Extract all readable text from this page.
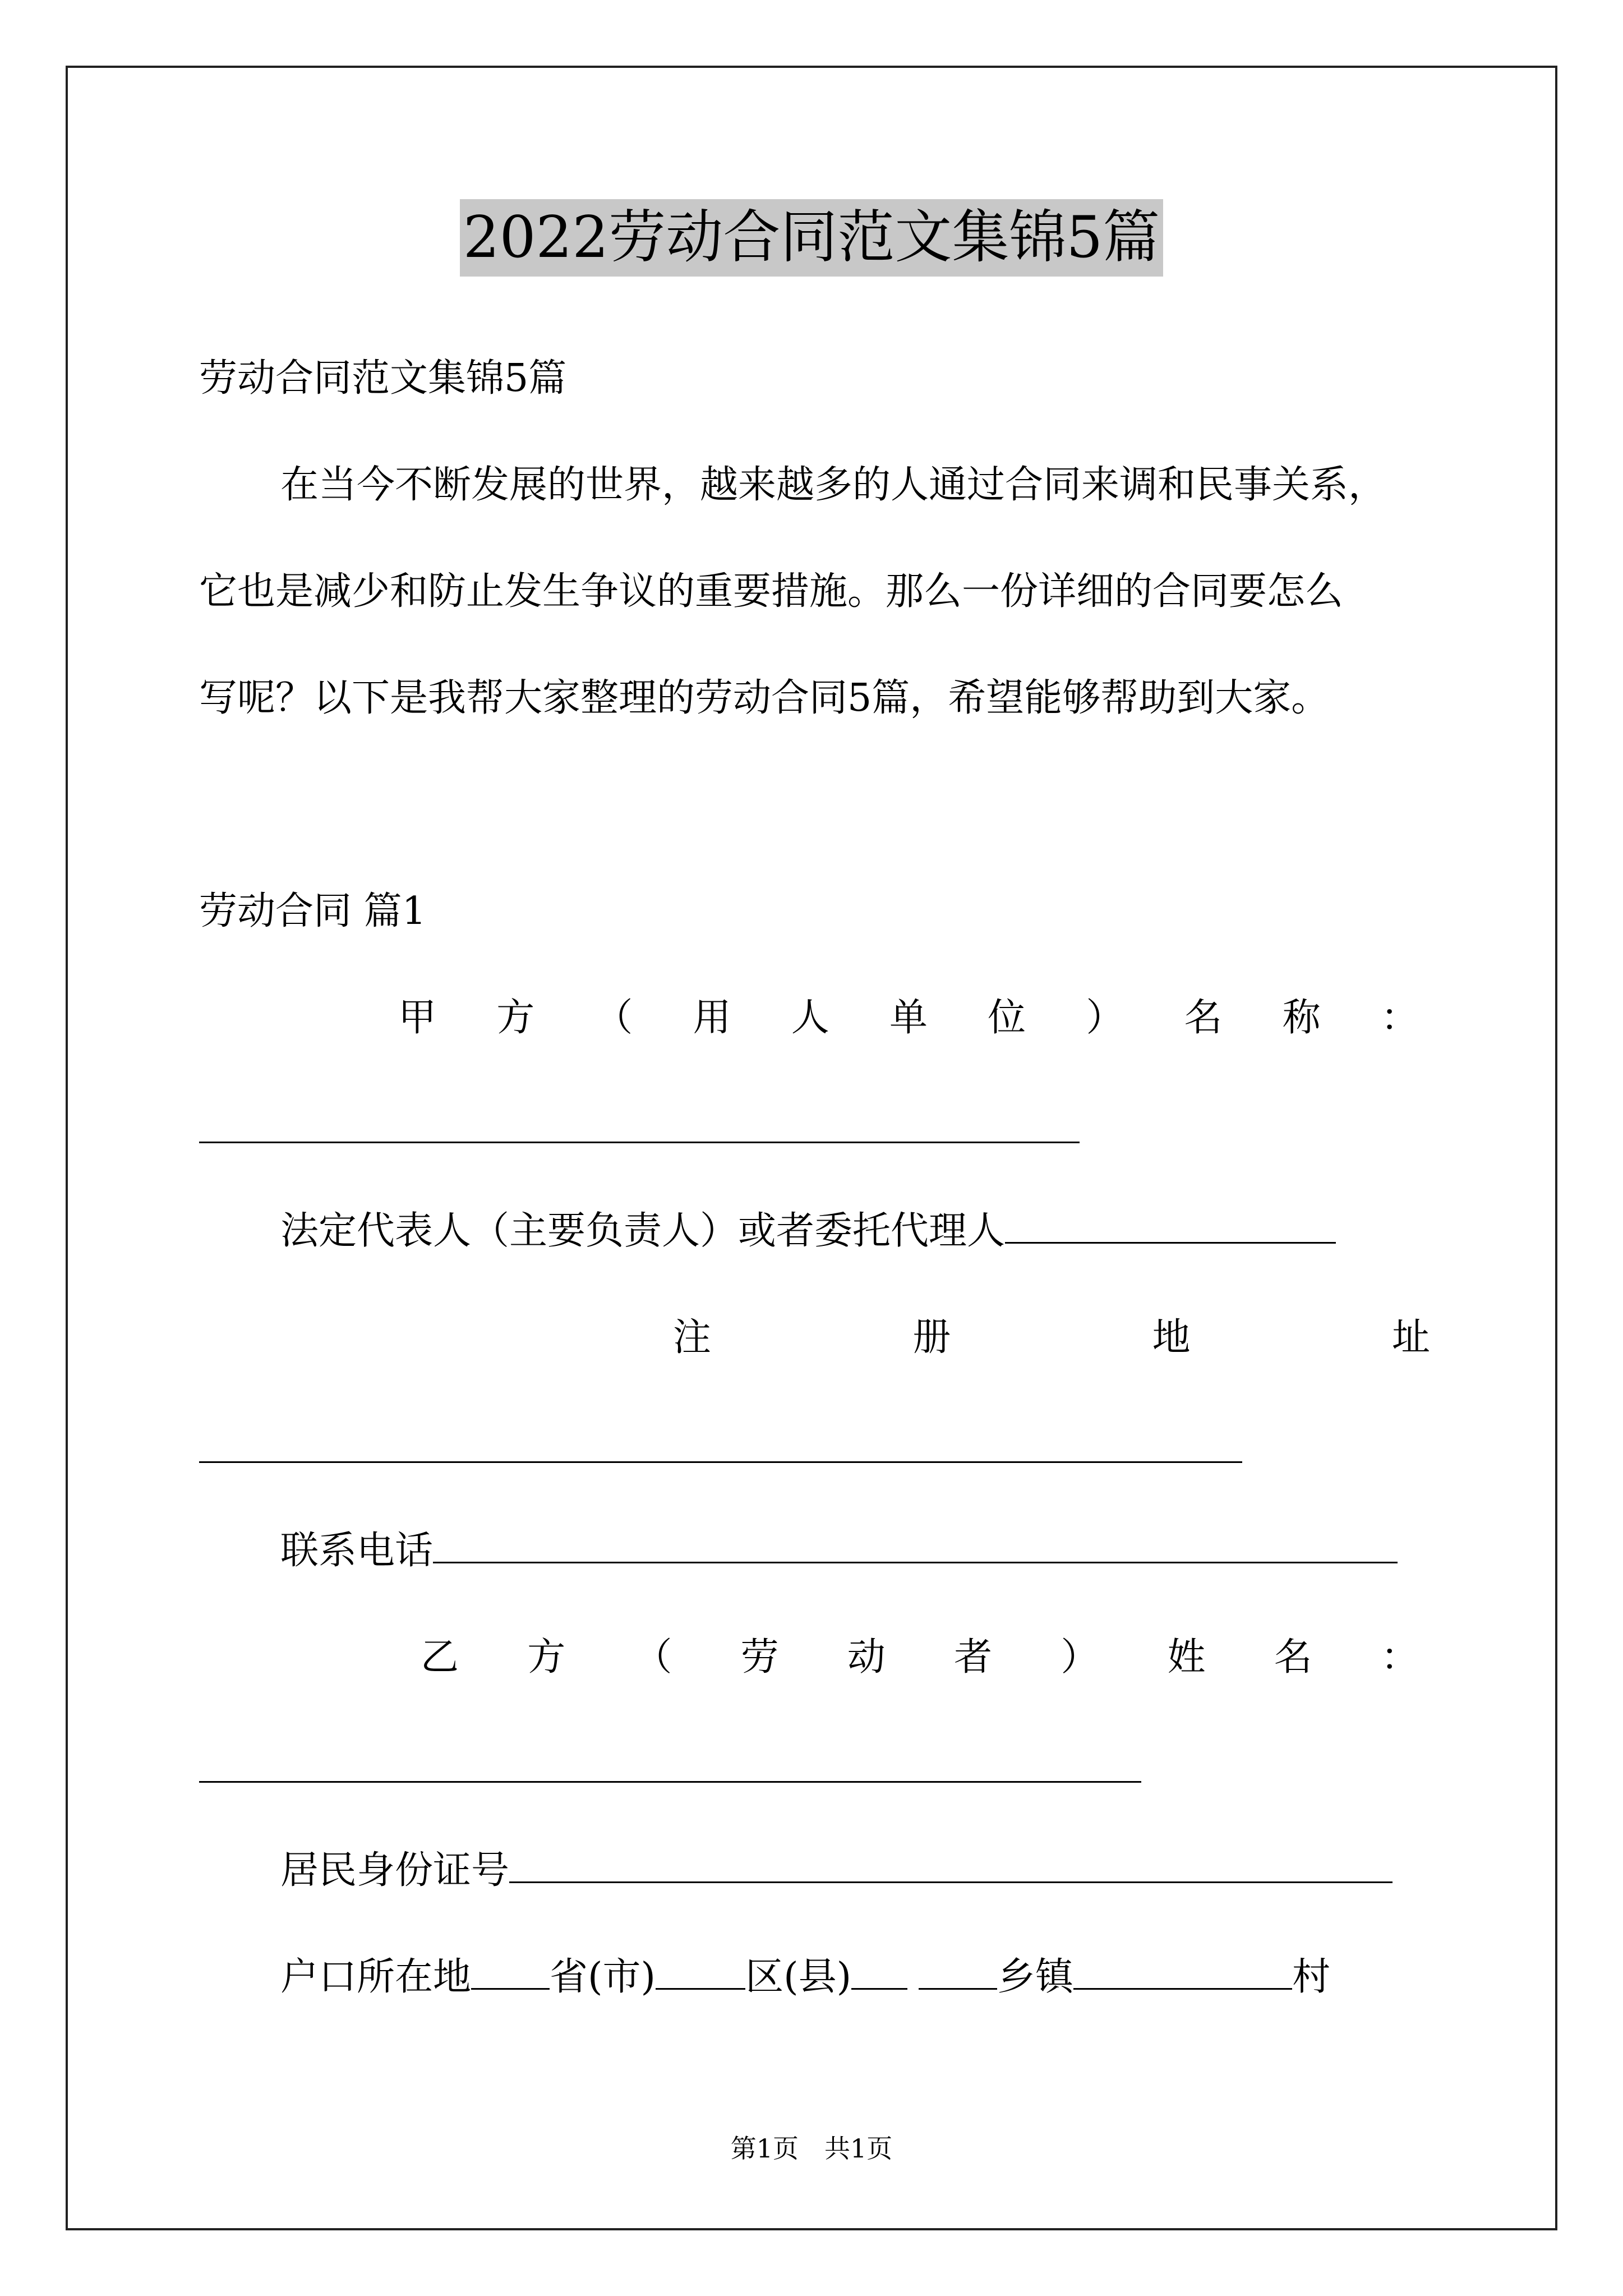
2022劳动合同范文集锦5篇
劳动合同范文集锦5篇
在当今不断发展的世界，越来越多的人通过合同来调和民事关系，
它也是减少和防止发生争议的重要措施。那么一份详细的合同要怎么
写呢？以下是我帮大家整理的劳动合同5篇，希望能够帮助到大家。
劳动合同 篇1
甲 方 （ 用 人 单 位 ） 名 称 ：
法定代表人（主要负责人）或者委托代理人
注	册	地	址
联系电话
乙 方 （ 劳 动 者 ） 姓 名 ：
居民身份证号
户口所在地 省(市) 区(县)	乡镇	村
第1页　共1页
